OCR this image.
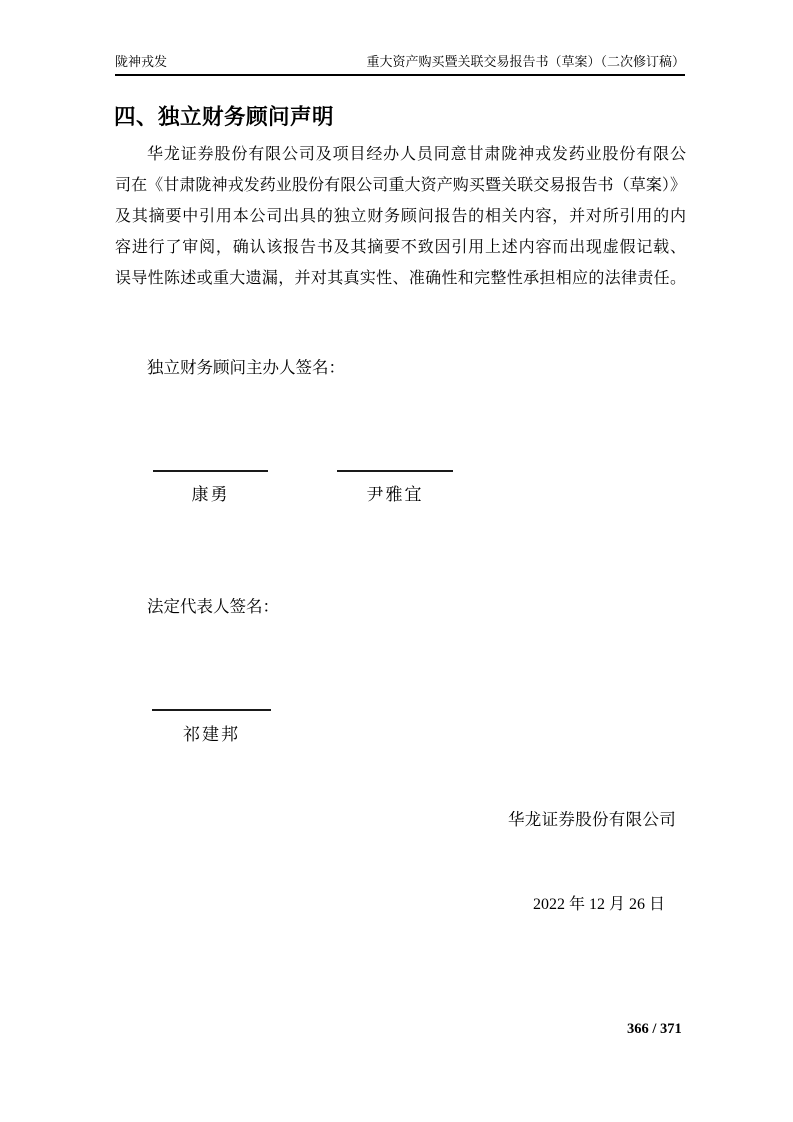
陇神戎发	重大资产购买暨关联交易报告书（草案）（二次修订稿）
四、独立财务顾问声明
华龙证券股份有限公司及项目经办人员同意甘肃陇神戎发药业股份有限公
司在《甘肃陇神戎发药业股份有限公司重大资产购买暨关联交易报告书（草案）》
及其摘要中引用本公司出具的独立财务顾问报告的相关内容，并对所引用的内
容进行了审阅，确认该报告书及其摘要不致因引用上述内容而出现虚假记载、
误导性陈述或重大遗漏，并对其真实性、准确性和完整性承担相应的法律责任。
独立财务顾问主办人签名：
康勇	尹雅宜
法定代表人签名：
祁建邦
华龙证券股份有限公司
2022 年 12 月 26 日
366 / 371
